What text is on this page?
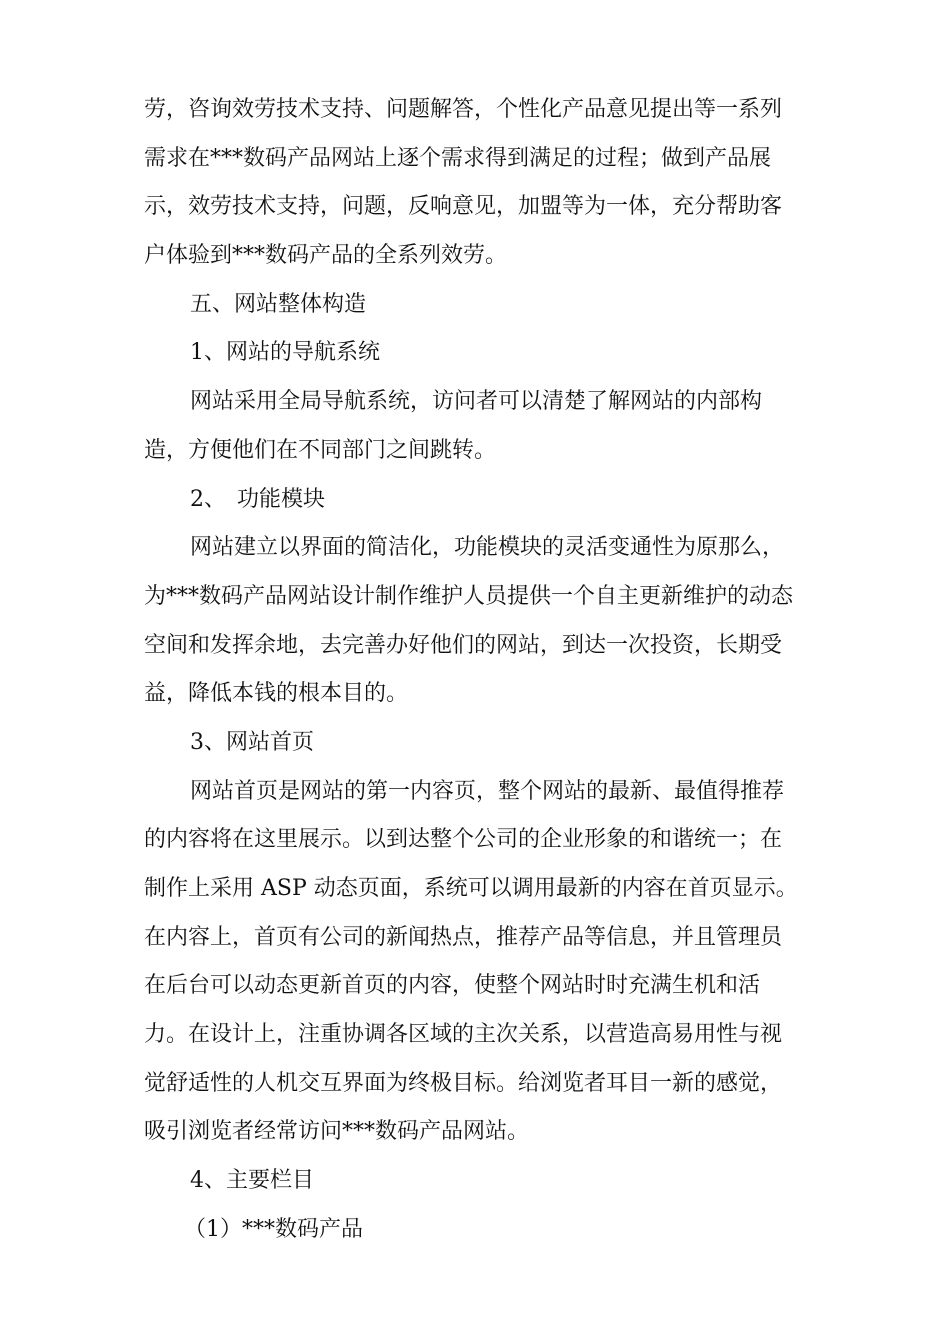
劳，咨询效劳技术支持、问题解答，个性化产品意见提出等一系列
需求在***数码产品网站上逐个需求得到满足的过程；做到产品展
示，效劳技术支持，问题，反响意见，加盟等为一体，充分帮助客
户体验到***数码产品的全系列效劳。
五、网站整体构造
1、网站的导航系统
网站采用全局导航系统，访问者可以清楚了解网站的内部构
造，方便他们在不同部门之间跳转。
2、　功能模块
网站建立以界面的简洁化，功能模块的灵活变通性为原那么，
为***数码产品网站设计制作维护人员提供一个自主更新维护的动态
空间和发挥余地，去完善办好他们的网站，到达一次投资，长期受
益，降低本钱的根本目的。
3、网站首页
网站首页是网站的第一内容页，整个网站的最新、最值得推荐
的内容将在这里展示。以到达整个公司的企业形象的和谐统一；在
制作上采用 ASP 动态页面，系统可以调用最新的内容在首页显示。
在内容上，首页有公司的新闻热点，推荐产品等信息，并且管理员
在后台可以动态更新首页的内容，使整个网站时时充满生机和活
力。在设计上，注重协调各区域的主次关系，以营造高易用性与视
觉舒适性的人机交互界面为终极目标。给浏览者耳目一新的感觉，
吸引浏览者经常访问***数码产品网站。
4、主要栏目
（1）***数码产品
